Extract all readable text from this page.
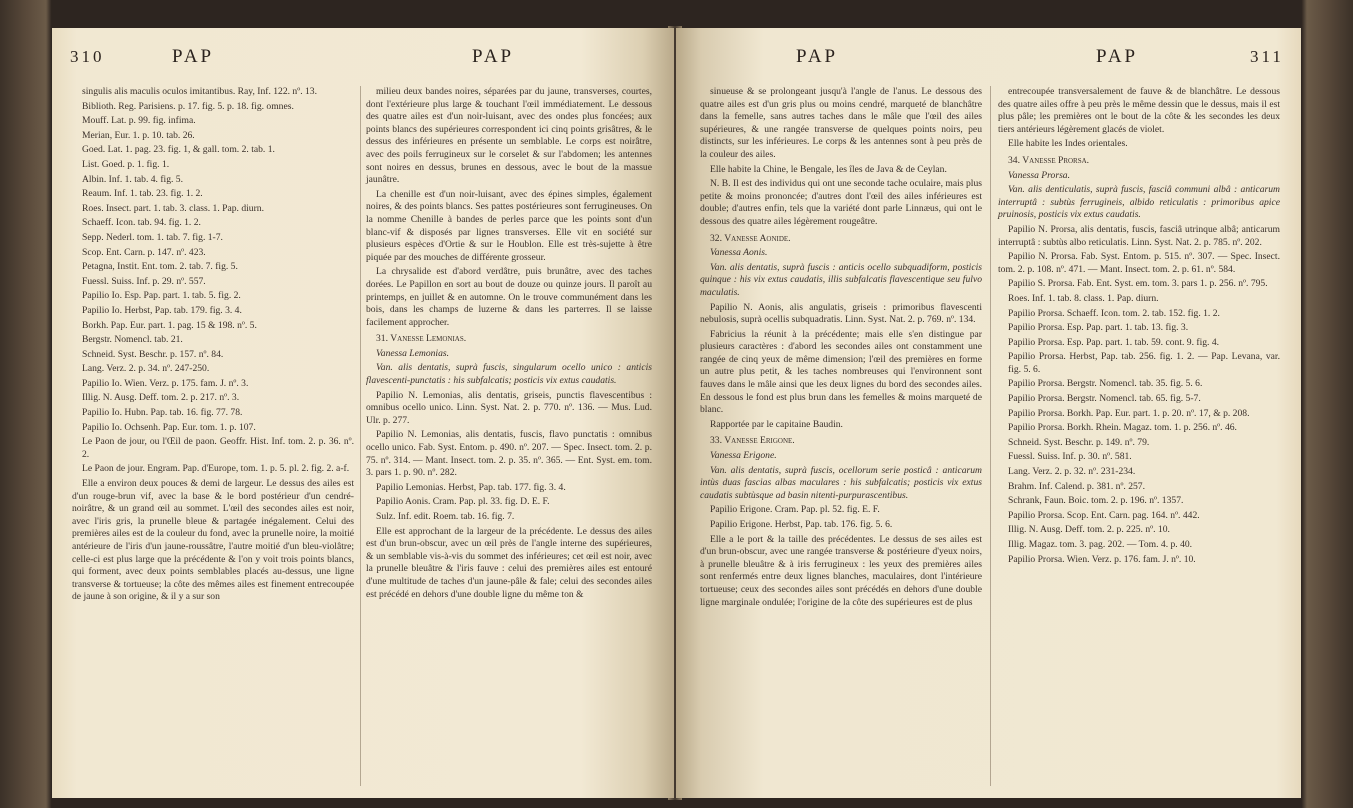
310	PAP	PAP

singulis alis maculis oculos imitantibus. Ray, Inf. 122. nº. 13.

Biblioth. Reg. Parisiens. p. 17. fig. 5. p. 18. fig. omnes.

Mouff. Lat. p. 99. fig. infima.

Merian, Eur. 1. p. 10. tab. 26.

Goed. Lat. 1. pag. 23. fig. 1, & gall. tom. 2. tab. 1.

List. Goed. p. 1. fig. 1.

Albin. Inf. 1. tab. 4. fig. 5.

Reaum. Inf. 1. tab. 23. fig. 1. 2.

Roes. Insect. part. 1. tab. 3. class. 1. Pap. diurn.

Schaeff. Icon. tab. 94. fig. 1. 2.

Sepp. Nederl. tom. 1. tab. 7. fig. 1-7.

Scop. Ent. Carn. p. 147. nº. 423.

Petagna, Instit. Ent. tom. 2. tab. 7. fig. 5.

Fuessl. Suiss. Inf. p. 29. nº. 557.

Papilio Io. Esp. Pap. part. 1. tab. 5. fig. 2.

Papilio Io. Herbst, Pap. tab. 179. fig. 3. 4.

Borkh. Pap. Eur. part. 1. pag. 15 & 198. nº. 5.

Bergstr. Nomencl. tab. 21.

Schneid. Syst. Beschr. p. 157. nº. 84.

Lang. Verz. 2. p. 34. nº. 247-250.

Papilio Io. Wien. Verz. p. 175. fam. J. nº. 3.

Illig. N. Ausg. Deff. tom. 2. p. 217. nº. 3.

Papilio Io. Hubn. Pap. tab. 16. fig. 77. 78.

Papilio Io. Ochsenh. Pap. Eur. tom. 1. p. 107.

Le Paon de jour, ou l'Œil de paon. Geoffr. Hist. Inf. tom. 2. p. 36. nº. 2.

Le Paon de jour. Engram. Pap. d'Europe, tom. 1. p. 5. pl. 2. fig. 2. a-f.

Elle a environ deux pouces & demi de largeur. Le dessus des ailes est d'un rouge-brun vif, avec la base & le bord postérieur d'un cendré-noirâtre, & un grand œil au sommet. L'œil des secondes ailes est noir, avec l'iris gris, la prunelle bleue & partagée inégalement. Celui des premières ailes est de la couleur du fond, avec la prunelle noire, la moitié antérieure de l'iris d'un jaune-roussâtre, l'autre moitié d'un bleu-violâtre; celle-ci est plus large que la précédente & l'on y voit trois points blancs, qui forment, avec deux points semblables placés au-dessus, une ligne transverse & tortueuse; la côte des mêmes ailes est finement entrecoupée de jaune à son origine, & il y a sur son

milieu deux bandes noires, séparées par du jaune, transverses, courtes, dont l'extérieure plus large & touchant l'œil immédiatement. Le dessous des quatre ailes est d'un noir-luisant, avec des ondes plus foncées; aux points blancs des supérieures correspondent ici cinq points grisâtres, & le dessus des inférieures en présente un semblable. Le corps est noirâtre, avec des poils ferrugineux sur le corselet & sur l'abdomen; les antennes sont noires en dessus, brunes en dessous, avec le bout de la massue jaunâtre.

La chenille est d'un noir-luisant, avec des épines simples, également noires, & des points blancs. Ses pattes postérieures sont ferrugineuses. On la nomme Chenille à bandes de perles parce que les points sont d'un blanc-vif & disposés par lignes transverses. Elle vit en société sur plusieurs espèces d'Ortie & sur le Houblon. Elle est très-sujette à être piquée par des mouches de différente grosseur.

La chrysalide est d'abord verdâtre, puis brunâtre, avec des taches dorées. Le Papillon en sort au bout de douze ou quinze jours. Il paroît au printemps, en juillet & en automne. On le trouve communément dans les bois, dans les champs de luzerne & dans les parterres. Il se laisse facilement approcher.

31. Vanesse Lemonias.

Vanessa Lemonias.

Van. alis dentatis, suprà fuscis, singularum ocello unico : anticis flavescenti-punctatis : his subfalcatis; posticis vix extus caudatis.

Papilio N. Lemonias, alis dentatis, griseis, punctis flavescentibus : omnibus ocello unico. Linn. Syst. Nat. 2. p. 770. nº. 136. — Mus. Lud. Ulr. p. 277.

Papilio N. Lemonias, alis dentatis, fuscis, flavo punctatis : omnibus ocello unico. Fab. Syst. Entom. p. 490. nº. 207. — Spec. Insect. tom. 2. p. 75. nº. 314. — Mant. Insect. tom. 2. p. 35. nº. 365. — Ent. Syst. em. tom. 3. pars 1. p. 90. nº. 282.

Papilio Lemonias. Herbst, Pap. tab. 177. fig. 3. 4.

Papilio Aonis. Cram. Pap. pl. 33. fig. D. E. F.

Sulz. Inf. edit. Roem. tab. 16. fig. 7.

Elle est approchant de la largeur de la précédente. Le dessus des ailes est d'un brun-obscur, avec un œil près de l'angle interne des supérieures, & un semblable vis-à-vis du sommet des inférieures; cet œil est noir, avec la prunelle bleuâtre & l'iris fauve : celui des premières ailes est entouré d'une multitude de taches d'un jaune-pâle & fale; celui des secondes ailes est précédé en dehors d'une double ligne du même ton &

PAP	PAP	311

sinueuse & se prolongeant jusqu'à l'angle de l'anus. Le dessous des quatre ailes est d'un gris plus ou moins cendré, marqueté de blanchâtre dans la femelle, sans autres taches dans le mâle que l'œil des ailes supérieures, & une rangée transverse de quelques points noirs, peu distincts, sur les inférieures. Le corps & les antennes sont à peu près de la couleur des ailes.

Elle habite la Chine, le Bengale, les îles de Java & de Ceylan.

N. B. Il est des individus qui ont une seconde tache oculaire, mais plus petite & moins prononcée; d'autres dont l'œil des ailes inférieures est double; d'autres enfin, tels que la variété dont parle Linnæus, qui ont le dessous des quatre ailes légèrement rougeâtre.

32. Vanesse Aonide.

Vanessa Aonis.

Van. alis dentatis, suprà fuscis : anticis ocello subquadiform, posticis quinque : his vix extus caudatis, illis subfalcatis flavescentique seu fulvo maculatis.

Papilio N. Aonis, alis angulatis, griseis : primoribus flavescenti nebulosis, suprà ocellis subquadratis. Linn. Syst. Nat. 2. p. 769. nº. 134.

Fabricius la réunit à la précédente; mais elle s'en distingue par plusieurs caractères : d'abord les secondes ailes ont constamment une rangée de cinq yeux de même dimension; l'œil des premières en forme un autre plus petit, & les taches nombreuses qui l'environnent sont fauves dans le mâle ainsi que les deux lignes du bord des secondes ailes. En dessous le fond est plus brun dans les femelles & moins marqueté de blanc.

Rapportée par le capitaine Baudin.

33. Vanesse Erigone.

Vanessa Erigone.

Van. alis dentatis, suprà fuscis, ocellorum serie posticâ : anticarum intùs duas fascias albas maculares : his subfalcatis; posticis vix extus caudatis subtùsque ad basin nitenti-purpurascentibus.

Papilio Erigone. Cram. Pap. pl. 52. fig. E. F.

Papilio Erigone. Herbst, Pap. tab. 176. fig. 5. 6.

Elle a le port & la taille des précédentes. Le dessus de ses ailes est d'un brun-obscur, avec une rangée transverse & postérieure d'yeux noirs, à prunelle bleuâtre & à iris ferrugineux : les yeux des premières ailes sont renfermés entre deux lignes blanches, maculaires, dont l'intérieure tortueuse; ceux des secondes ailes sont précédés en dehors d'une double ligne marginale ondulée; l'origine de la côte des supérieures est de plus

entrecoupée transversalement de fauve & de blanchâtre. Le dessous des quatre ailes offre à peu près le même dessin que le dessus, mais il est plus pâle; les premières ont le bout de la côte & les secondes les deux tiers antérieurs légèrement glacés de violet.

Elle habite les Indes orientales.

34. Vanesse Prorsa.

Vanessa Prorsa.

Van. alis denticulatis, suprà fuscis, fasciâ communi albâ : anticarum interruptâ : subtùs ferrugineis, albido reticulatis : primoribus apice pruinosis, posticis vix extus caudatis.

Papilio N. Prorsa, alis dentatis, fuscis, fasciâ utrinque albâ; anticarum interruptâ : subtùs albo reticulatis. Linn. Syst. Nat. 2. p. 785. nº. 202.

Papilio N. Prorsa. Fab. Syst. Entom. p. 515. nº. 307. — Spec. Insect. tom. 2. p. 108. nº. 471. — Mant. Insect. tom. 2. p. 61. nº. 584.

Papilio S. Prorsa. Fab. Ent. Syst. em. tom. 3. pars 1. p. 256. nº. 795.

Roes. Inf. 1. tab. 8. class. 1. Pap. diurn.

Papilio Prorsa. Schaeff. Icon. tom. 2. tab. 152. fig. 1. 2.

Papilio Prorsa. Esp. Pap. part. 1. tab. 13. fig. 3.

Papilio Prorsa. Esp. Pap. part. 1. tab. 59. cont. 9. fig. 4.

Papilio Prorsa. Herbst, Pap. tab. 256. fig. 1. 2. — Pap. Levana, var. fig. 5. 6.

Papilio Prorsa. Bergstr. Nomencl. tab. 35. fig. 5. 6.

Papilio Prorsa. Bergstr. Nomencl. tab. 65. fig. 5-7.

Papilio Prorsa. Borkh. Pap. Eur. part. 1. p. 20. nº. 17, & p. 208.

Papilio Prorsa. Borkh. Rhein. Magaz. tom. 1. p. 256. nº. 46.

Schneid. Syst. Beschr. p. 149. nº. 79.

Fuessl. Suiss. Inf. p. 30. nº. 581.

Lang. Verz. 2. p. 32. nº. 231-234.

Brahm. Inf. Calend. p. 381. nº. 257.

Schrank, Faun. Boic. tom. 2. p. 196. nº. 1357.

Papilio Prorsa. Scop. Ent. Carn. pag. 164. nº. 442.

Illig. N. Ausg. Deff. tom. 2. p. 225. nº. 10.

Illig. Magaz. tom. 3. pag. 202. — Tom. 4. p. 40.

Papilio Prorsa. Wien. Verz. p. 176. fam. J. nº. 10.
